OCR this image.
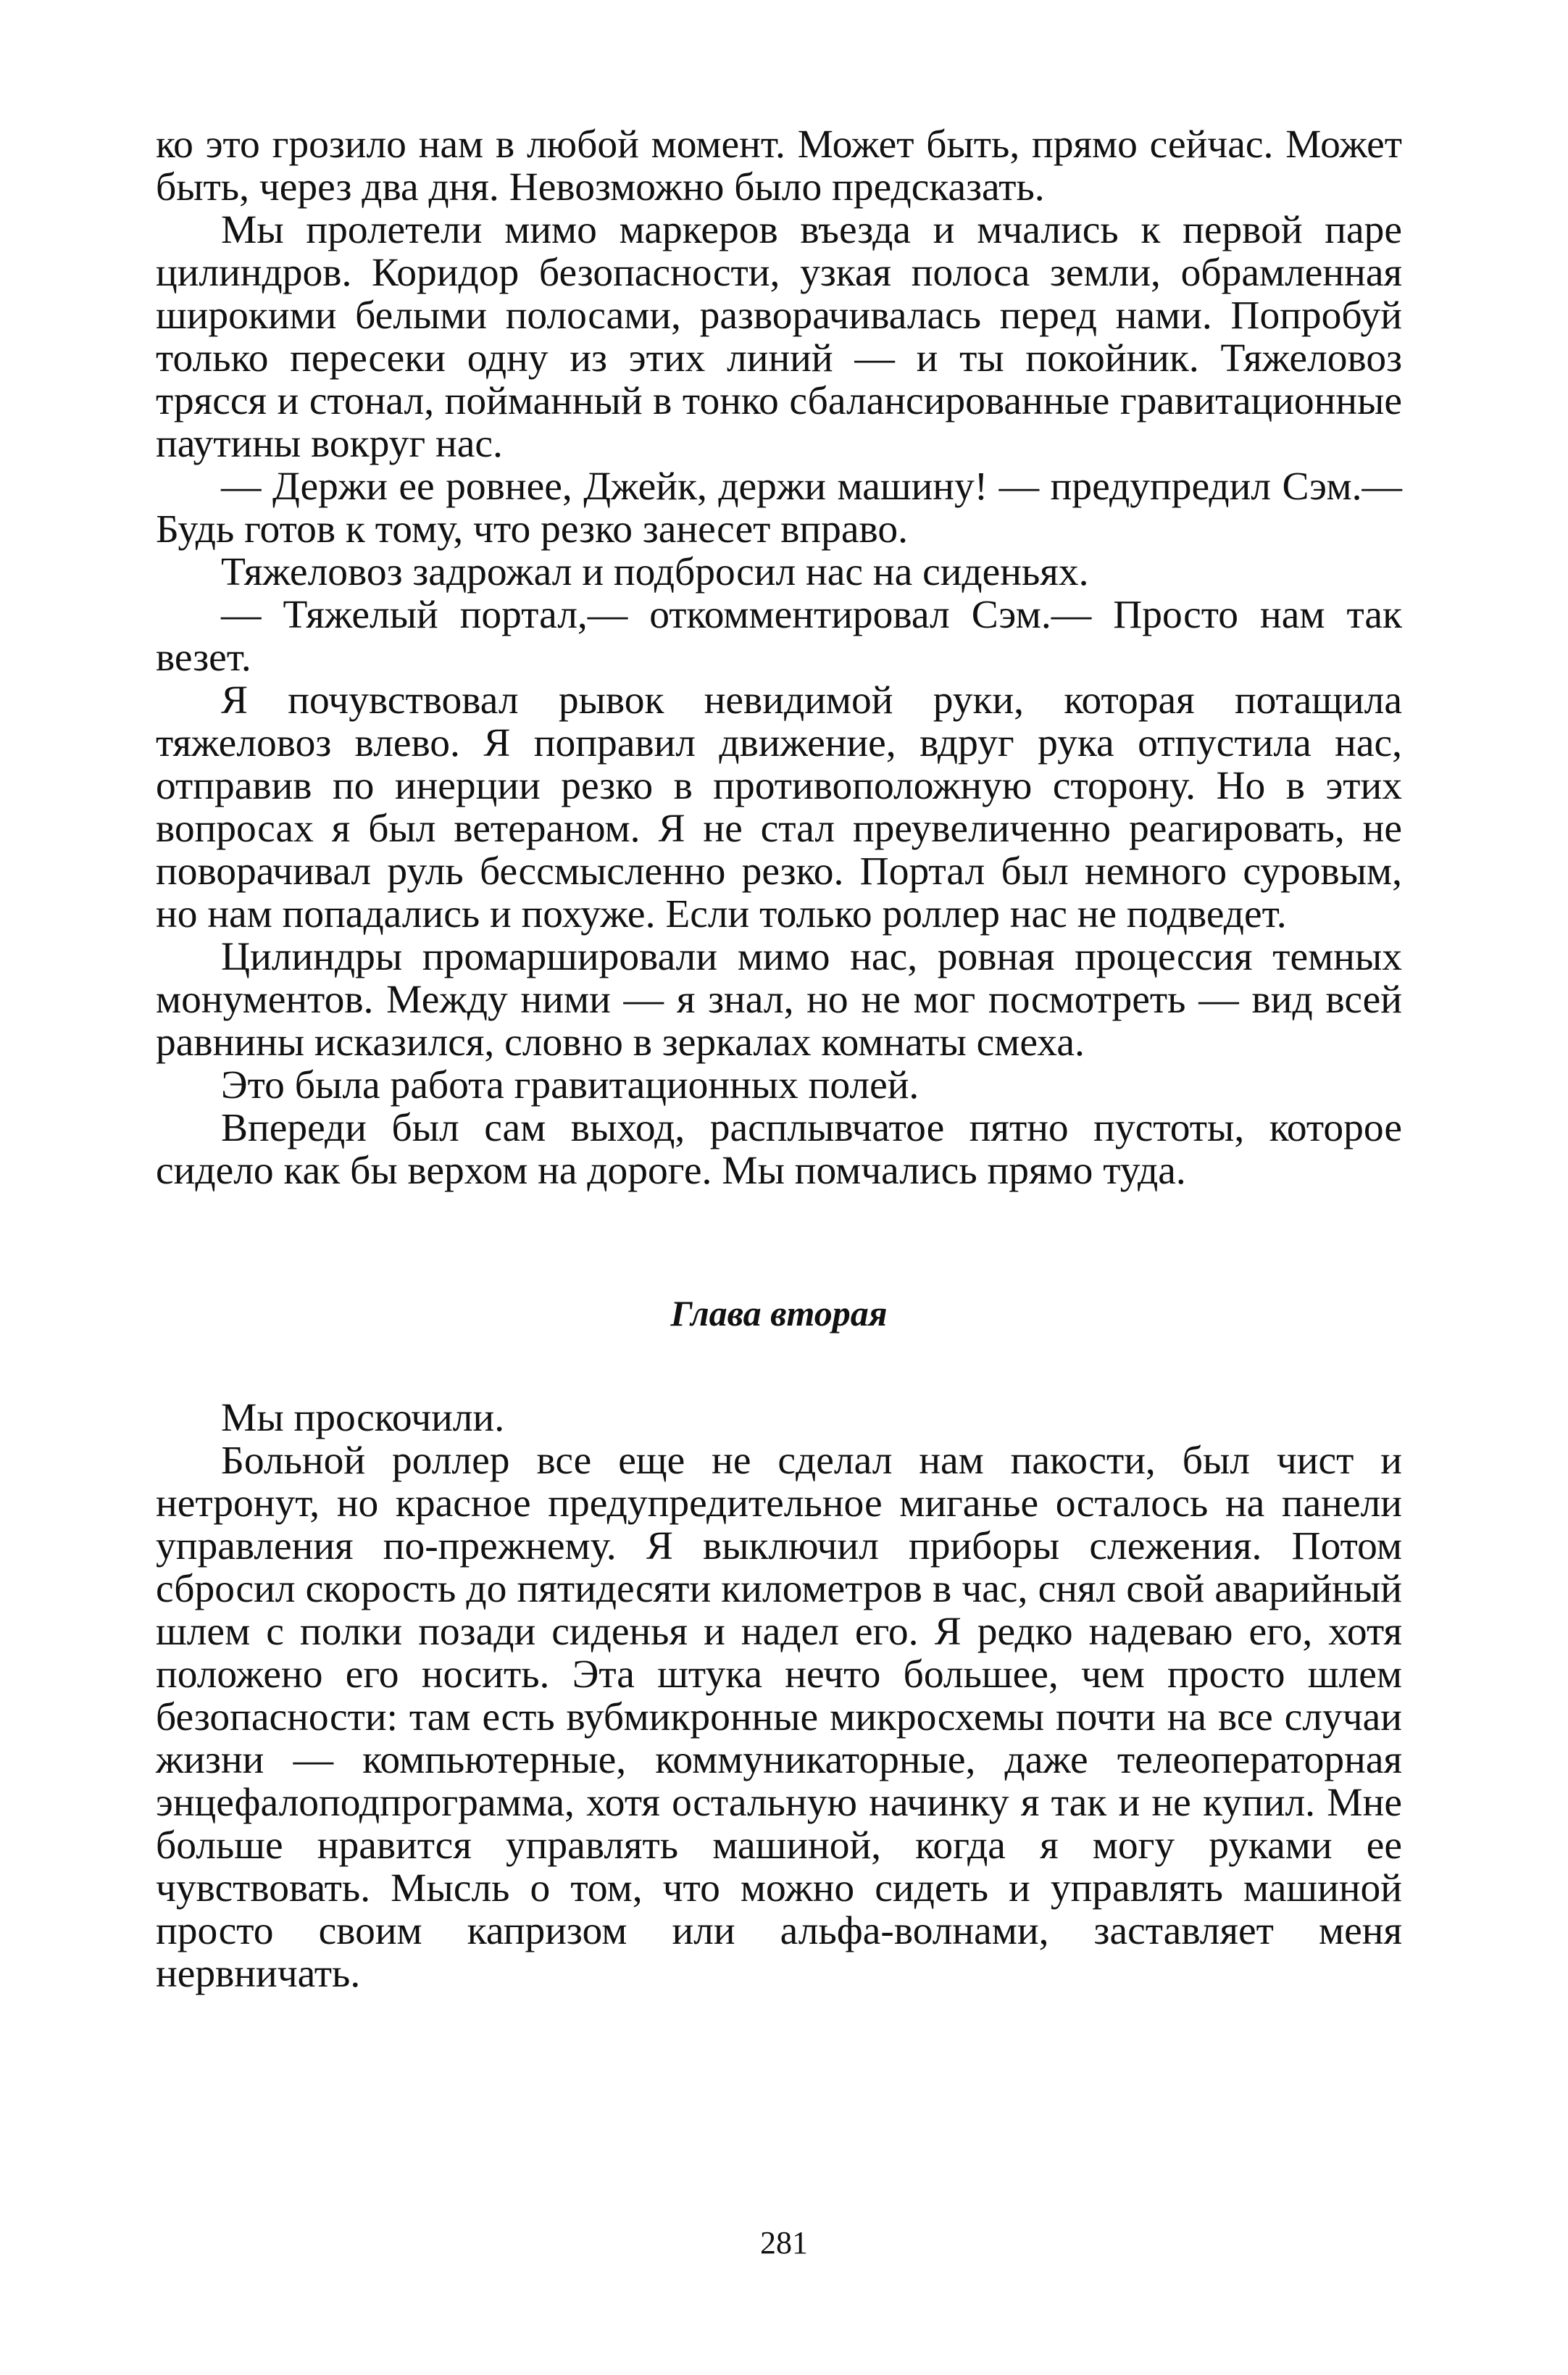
ко это грозило нам в любой момент. Может быть, прямо сейчас. Может быть, через два дня. Невозможно было предсказать.

Мы пролетели мимо маркеров въезда и мчались к первой паре цилиндров. Коридор безопасности, узкая полоса земли, обрамленная широкими белыми полосами, разворачивалась перед нами. Попробуй только пересеки одну из этих линий — и ты покойник. Тяжеловоз трясся и стонал, пойманный в тонко сбалансированные гравитационные паутины вокруг нас.

— Держи ее ровнее, Джейк, держи машину! — предупредил Сэм.— Будь готов к тому, что резко занесет вправо.

Тяжеловоз задрожал и подбросил нас на сиденьях.

— Тяжелый портал,— откомментировал Сэм.— Просто нам так везет.

Я почувствовал рывок невидимой руки, которая потащила тяжеловоз влево. Я поправил движение, вдруг рука отпустила нас, отправив по инерции резко в противоположную сторону. Но в этих вопросах я был ветераном. Я не стал преувеличенно реагировать, не поворачивал руль бессмысленно резко. Портал был немного суровым, но нам попадались и похуже. Если только роллер нас не подведет.

Цилиндры промаршировали мимо нас, ровная процессия темных монументов. Между ними — я знал, но не мог посмотреть — вид всей равнины исказился, словно в зеркалах комнаты смеха.

Это была работа гравитационных полей.

Впереди был сам выход, расплывчатое пятно пустоты, которое сидело как бы верхом на дороге. Мы помчались прямо туда.

Глава вторая

Мы проскочили.

Больной роллер все еще не сделал нам пакости, был чист и нетронут, но красное предупредительное миганье осталось на панели управления по-прежнему. Я выключил приборы слежения. Потом сбросил скорость до пятидесяти километров в час, снял свой аварийный шлем с полки позади сиденья и надел его. Я редко надеваю его, хотя положено его носить. Эта штука нечто большее, чем просто шлем безопасности: там есть вубмикронные микросхемы почти на все случаи жизни — компьютерные, коммуникаторные, даже телеоператорная энцефалоподпрограмма, хотя остальную начинку я так и не купил. Мне больше нравится управлять машиной, когда я могу руками ее чувствовать. Мысль о том, что можно сидеть и управлять машиной просто своим капризом или альфа-волнами, заставляет меня нервничать.

281
